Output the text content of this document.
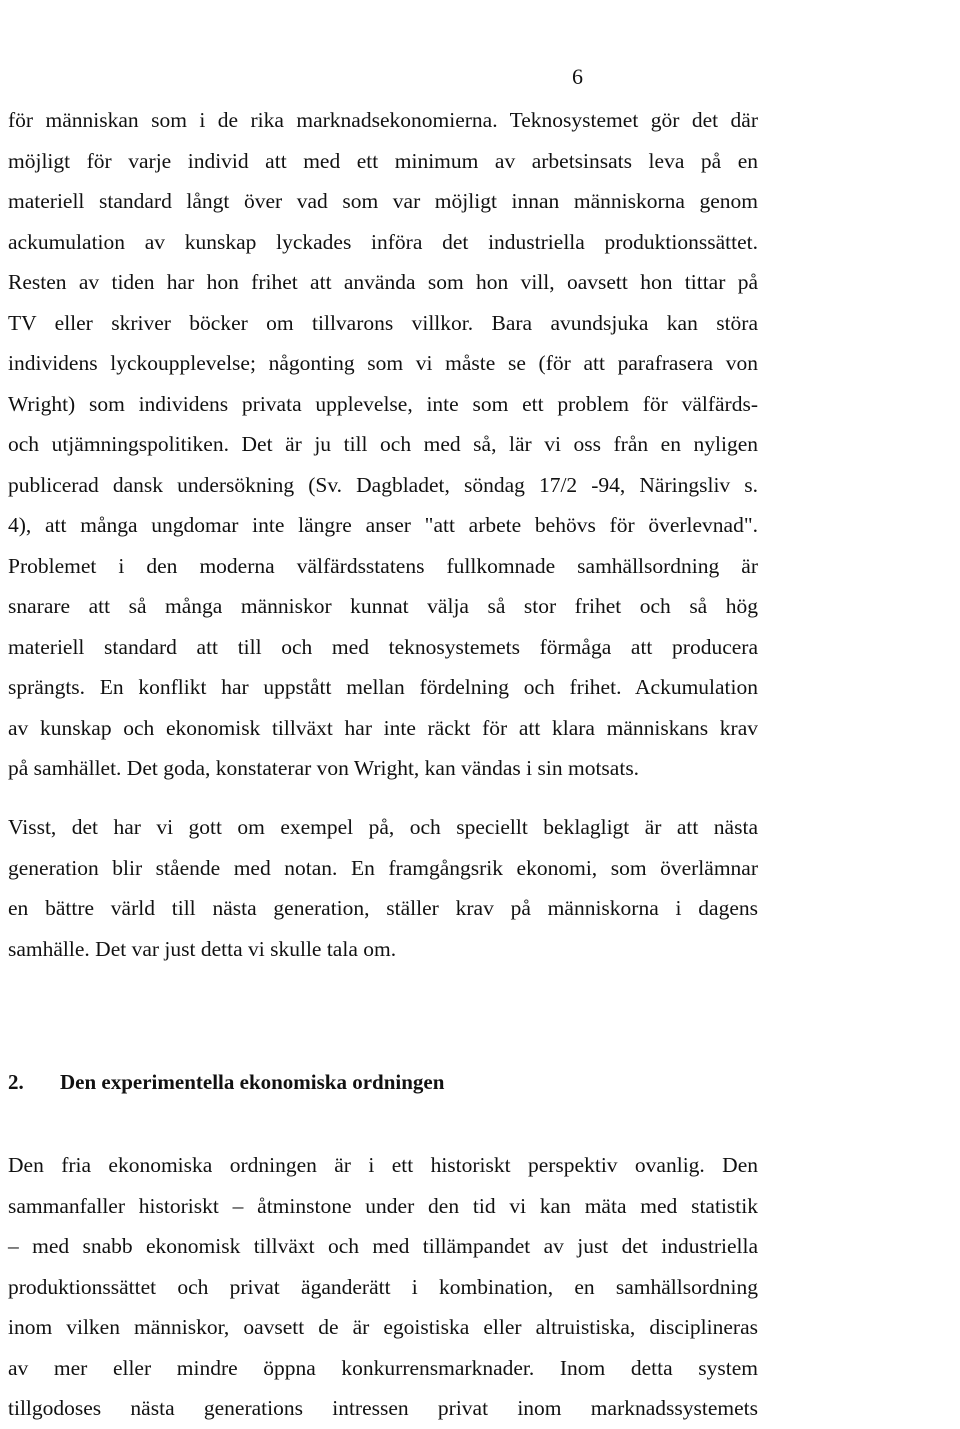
6
för människan som i de rika marknadsekonomierna. Teknosystemet gör det där
möjligt för varje individ att med ett minimum av arbetsinsats leva på en
materiell standard långt över vad som var möjligt innan människorna genom
ackumulation av kunskap lyckades införa det industriella produktionssättet.
Resten av tiden har hon frihet att använda som hon vill, oavsett hon tittar på
TV eller skriver böcker om tillvarons villkor. Bara avundsjuka kan störa
individens lyckoupplevelse; någonting som vi måste se (för att parafrasera von
Wright) som individens privata upplevelse, inte som ett problem för välfärds-
och utjämningspolitiken. Det är ju till och med så, lär vi oss från en nyligen
publicerad dansk undersökning (Sv. Dagbladet, söndag 17/2 -94, Näringsliv s.
4), att många ungdomar inte längre anser "att arbete behövs för överlevnad".
Problemet i den moderna välfärdsstatens fullkomnade samhällsordning är
snarare att så många människor kunnat välja så stor frihet och så hög
materiell standard att till och med teknosystemets förmåga att producera
sprängts. En konflikt har uppstått mellan fördelning och frihet. Ackumulation
av kunskap och ekonomisk tillväxt har inte räckt för att klara människans krav
på samhället. Det goda, konstaterar von Wright, kan vändas i sin motsats.
Visst, det har vi gott om exempel på, och speciellt beklagligt är att nästa
generation blir stående med notan. En framgångsrik ekonomi, som överlämnar
en bättre värld till nästa generation, ställer krav på människorna i dagens
samhälle. Det var just detta vi skulle tala om.
2. Den experimentella ekonomiska ordningen
Den fria ekonomiska ordningen är i ett historiskt perspektiv ovanlig. Den
sammanfaller historiskt – åtminstone under den tid vi kan mäta med statistik
– med snabb ekonomisk tillväxt och med tillämpandet av just det industriella
produktionssättet och privat äganderätt i kombination, en samhällsordning
inom vilken människor, oavsett de är egoistiska eller altruistiska, disciplineras
av mer eller mindre öppna konkurrensmarknader. Inom detta system
tillgodoses nästa generations intressen privat inom marknadssystemets
